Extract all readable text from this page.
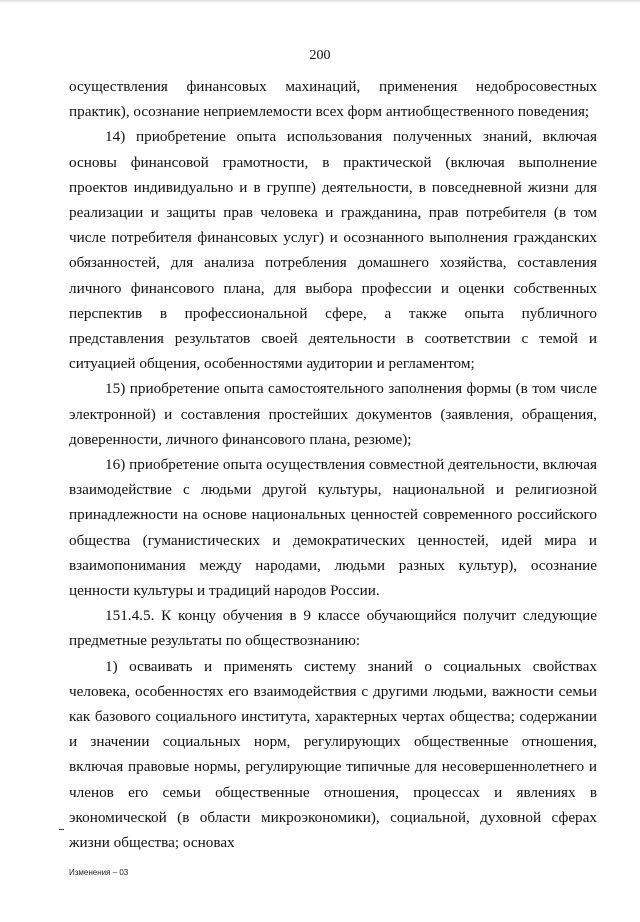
200

осуществления финансовых махинаций, применения недобросовестных практик), осознание неприемлемости всех форм антиобщественного поведения;

14) приобретение опыта использования полученных знаний, включая основы финансовой грамотности, в практической (включая выполнение проектов индивидуально и в группе) деятельности, в повседневной жизни для реализации и защиты прав человека и гражданина, прав потребителя (в том числе потребителя финансовых услуг) и осознанного выполнения гражданских обязанностей, для анализа потребления домашнего хозяйства, составления личного финансового плана, для выбора профессии и оценки собственных перспектив в профессиональной сфере, а также опыта публичного представления результатов своей деятельности в соответствии с темой и ситуацией общения, особенностями аудитории и регламентом;

15) приобретение опыта самостоятельного заполнения формы (в том числе электронной) и составления простейших документов (заявления, обращения, доверенности, личного финансового плана, резюме);

16) приобретение опыта осуществления совместной деятельности, включая взаимодействие с людьми другой культуры, национальной и религиозной принадлежности на основе национальных ценностей современного российского общества (гуманистических и демократических ценностей, идей мира и взаимопонимания между народами, людьми разных культур), осознание ценности культуры и традиций народов России.

151.4.5. К концу обучения в 9 классе обучающийся получит следующие предметные результаты по обществознанию:

1) осваивать и применять систему знаний о социальных свойствах человека, особенностях его взаимодействия с другими людьми, важности семьи как базового социального института, характерных чертах общества; содержании и значении социальных норм, регулирующих общественные отношения, включая правовые нормы, регулирующие типичные для несовершеннолетнего и членов его семьи общественные отношения, процессах и явлениях в экономической (в области микроэкономики), социальной, духовной сферах жизни общества; основах

Изменения – 03
